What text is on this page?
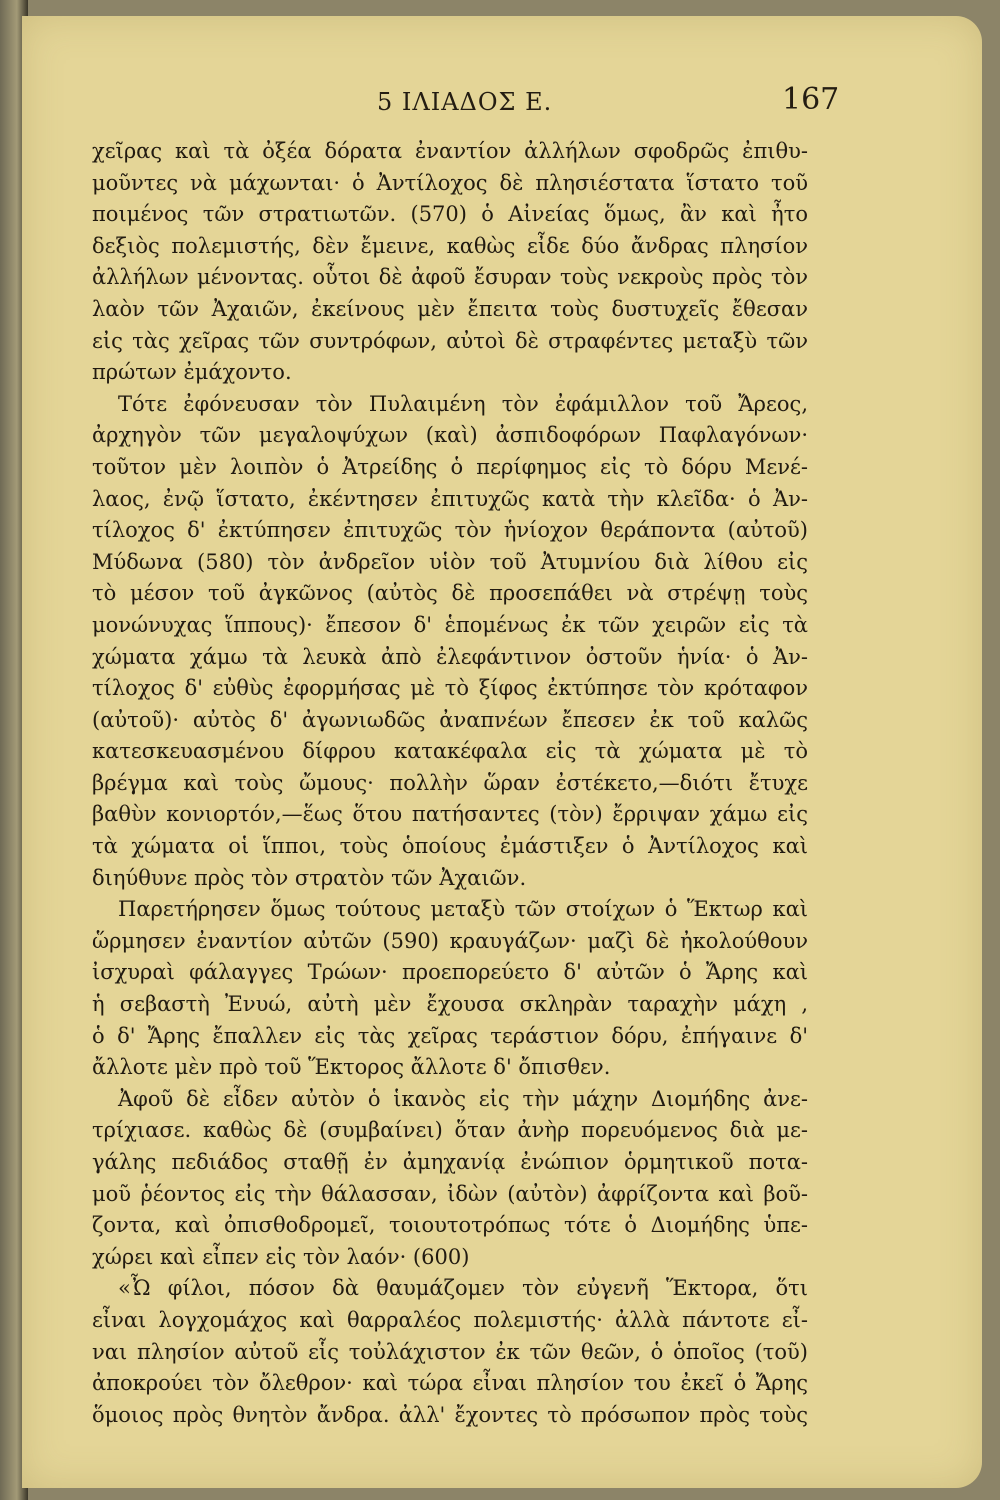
5 ΙΛΙΑΔΟΣ Ε.	167
χεῖρας καὶ τὰ ὀξέα δόρατα ἐναντίον ἀλλήλων σφοδρῶς ἐπιθυ-
μοῦντες νὰ μάχωνται· ὁ Ἀντίλοχος δὲ πλησιέστατα ἵστατο τοῦ
ποιμένος τῶν στρατιωτῶν. (570) ὁ Αἰνείας ὅμως, ἂν καὶ ἦτο
δεξιὸς πολεμιστής, δὲν ἔμεινε, καθὼς εἶδε δύο ἄνδρας πλησίον
ἀλλήλων μένοντας. οὗτοι δὲ ἀφοῦ ἔσυραν τοὺς νεκροὺς πρὸς τὸν
λαὸν τῶν Ἀχαιῶν, ἐκείνους μὲν ἔπειτα τοὺς δυστυχεῖς ἔθεσαν
εἰς τὰς χεῖρας τῶν συντρόφων, αὐτοὶ δὲ στραφέντες μεταξὺ τῶν
πρώτων ἐμάχοντο.
Τότε ἐφόνευσαν τὸν Πυλαιμένη τὸν ἐφάμιλλον τοῦ Ἄρεος,
ἀρχηγὸν τῶν μεγαλοψύχων (καὶ) ἀσπιδοφόρων Παφλαγόνων·
τοῦτον μὲν λοιπὸν ὁ Ἀτρείδης ὁ περίφημος εἰς τὸ δόρυ Μενέ-
λαος, ἐνῷ ἵστατο, ἐκέντησεν ἐπιτυχῶς κατὰ τὴν κλεῖδα· ὁ Ἀν-
τίλοχος δ' ἐκτύπησεν ἐπιτυχῶς τὸν ἡνίοχον θεράποντα (αὐτοῦ)
Μύδωνα (580) τὸν ἀνδρεῖον υἱὸν τοῦ Ἀτυμνίου διὰ λίθου εἰς
τὸ μέσον τοῦ ἀγκῶνος (αὐτὸς δὲ προσεπάθει νὰ στρέψῃ τοὺς
μονώνυχας ἵππους)· ἔπεσον δ' ἑπομένως ἐκ τῶν χειρῶν εἰς τὰ
χώματα χάμω τὰ λευκὰ ἀπὸ ἐλεφάντινον ὀστοῦν ἡνία· ὁ Ἀν-
τίλοχος δ' εὐθὺς ἐφορμήσας μὲ τὸ ξίφος ἐκτύπησε τὸν κρόταφον
(αὐτοῦ)· αὐτὸς δ' ἀγωνιωδῶς ἀναπνέων ἔπεσεν ἐκ τοῦ καλῶς
κατεσκευασμένου δίφρου κατακέφαλα εἰς τὰ χώματα μὲ τὸ
βρέγμα καὶ τοὺς ὤμους· πολλὴν ὥραν ἐστέκετο,—διότι ἔτυχε
βαθὺν κονιορτόν,—ἕως ὅτου πατήσαντες (τὸν) ἔρριψαν χάμω εἰς
τὰ χώματα οἱ ἵπποι, τοὺς ὁποίους ἐμάστιξεν ὁ Ἀντίλοχος καὶ
διηύθυνε πρὸς τὸν στρατὸν τῶν Ἀχαιῶν.
Παρετήρησεν ὅμως τούτους μεταξὺ τῶν στοίχων ὁ Ἕκτωρ καὶ
ὥρμησεν ἐναντίον αὐτῶν (590) κραυγάζων· μαζὶ δὲ ἠκολούθουν
ἰσχυραὶ φάλαγγες Τρώων· προεπορεύετο δ' αὐτῶν ὁ Ἄρης καὶ
ἡ σεβαστὴ Ἐνυώ, αὐτὴ μὲν ἔχουσα σκληρὰν ταραχὴν μάχη ,
ὁ δ' Ἄρης ἔπαλλεν εἰς τὰς χεῖρας τεράστιον δόρυ, ἐπήγαινε δ'
ἄλλοτε μὲν πρὸ τοῦ Ἕκτορος ἄλλοτε δ' ὄπισθεν.
Ἀφοῦ δὲ εἶδεν αὐτὸν ὁ ἱκανὸς εἰς τὴν μάχην Διομήδης ἀνε-
τρίχιασε. καθὼς δὲ (συμβαίνει) ὅταν ἀνὴρ πορευόμενος διὰ με-
γάλης πεδιάδος σταθῇ ἐν ἀμηχανίᾳ ἐνώπιον ὁρμητικοῦ ποτα-
μοῦ ῥέοντος εἰς τὴν θάλασσαν, ἰδὼν (αὐτὸν) ἀφρίζοντα καὶ βοῦ-
ζοντα, καὶ ὀπισθοδρομεῖ, τοιουτοτρόπως τότε ὁ Διομήδης ὑπε-
χώρει καὶ εἶπεν εἰς τὸν λαόν· (600)
«Ὦ φίλοι, πόσον δὰ θαυμάζομεν τὸν εὐγενῆ Ἕκτορα, ὅτι
εἶναι λογχομάχος καὶ θαρραλέος πολεμιστής· ἀλλὰ πάντοτε εἶ-
ναι πλησίον αὐτοῦ εἷς τοὐλάχιστον ἐκ τῶν θεῶν, ὁ ὁποῖος (τοῦ)
ἀποκρούει τὸν ὄλεθρον· καὶ τώρα εἶναι πλησίον του ἐκεῖ ὁ Ἄρης
ὅμοιος πρὸς θνητὸν ἄνδρα. ἀλλ' ἔχοντες τὸ πρόσωπον πρὸς τοὺς
